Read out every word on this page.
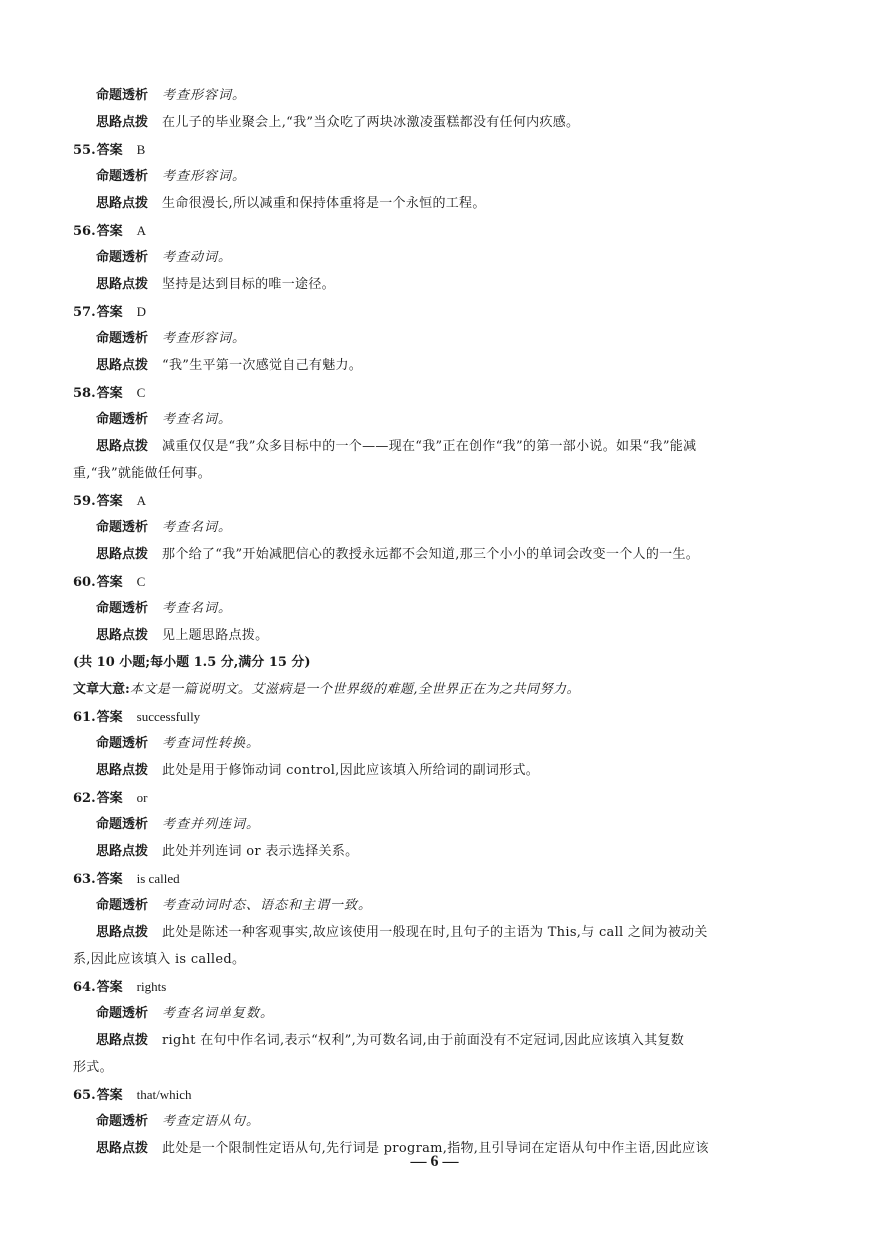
命题透析 考查形容词。
思路点拨 在儿子的毕业聚会上,“我”当众吃了两块冰激凌蛋糕都没有任何内疚感。
55.答案 B
命题透析 考查形容词。
思路点拨 生命很漫长,所以减重和保持体重将是一个永恒的工程。
56.答案 A
命题透析 考查动词。
思路点拨 坚持是达到目标的唯一途径。
57.答案 D
命题透析 考查形容词。
思路点拨 “我”生平第一次感觉自己有魅力。
58.答案 C
命题透析 考查名词。
思路点拨 减重仅仅是“我”众多目标中的一个——现在“我”正在创作“我”的第一部小说。如果“我”能减
重,“我”就能做任何事。
59.答案 A
命题透析 考查名词。
思路点拨 那个给了“我”开始减肥信心的教授永远都不会知道,那三个小小的单词会改变一个人的一生。
60.答案 C
命题透析 考查名词。
思路点拨 见上题思路点拨。
(共 10 小题;每小题 1.5 分,满分 15 分)
文章大意:本文是一篇说明文。艾滋病是一个世界级的难题,全世界正在为之共同努力。
61.答案 successfully
命题透析 考查词性转换。
思路点拨 此处是用于修饰动词 control,因此应该填入所给词的副词形式。
62.答案 or
命题透析 考查并列连词。
思路点拨 此处并列连词 or 表示选择关系。
63.答案 is called
命题透析 考查动词时态、语态和主谓一致。
思路点拨 此处是陈述一种客观事实,故应该使用一般现在时,且句子的主语为 This,与 call 之间为被动关
系,因此应该填入 is called。
64.答案 rights
命题透析 考查名词单复数。
思路点拨 right 在句中作名词,表示“权利”,为可数名词,由于前面没有不定冠词,因此应该填入其复数
形式。
65.答案 that/which
命题透析 考查定语从句。
思路点拨 此处是一个限制性定语从句,先行词是 program,指物,且引导词在定语从句中作主语,因此应该
— 6 —
